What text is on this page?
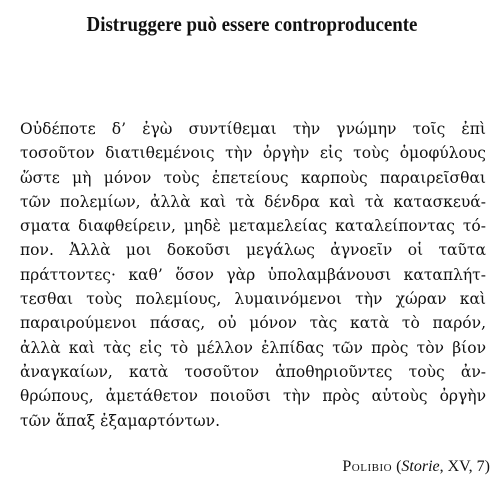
Distruggere può essere controproducente
Οὐδέποτε δ’ ἐγὼ συντίθεμαι τὴν γνώμην τοῖς ἐπὶ
τοσοῦτον διατιθεμένοις τὴν ὀργὴν εἰς τοὺς ὁμοφύλους
ὥστε μὴ μόνον τοὺς ἐπετείους καρποὺς παραιρεῖσθαι
τῶν πολεμίων, ἀλλὰ καὶ τὰ δένδρα καὶ τὰ κατασκευά-
σματα διαφθείρειν, μηδὲ μεταμελείας καταλείποντας τό-
πον. Ἀλλὰ μοι δοκοῦσι μεγάλως ἀγνοεῖν οἱ ταῦτα
πράττοντες· καθ’ ὅσον γὰρ ὑπολαμβάνουσι καταπλήτ-
τεσθαι τοὺς πολεμίους, λυμαινόμενοι τὴν χώραν καὶ
παραιρούμενοι πάσας, οὐ μόνον τὰς κατὰ τὸ παρόν,
ἀλλὰ καὶ τὰς εἰς τὸ μέλλον ἐλπίδας τῶν πρὸς τὸν βίον
ἀναγκαίων, κατὰ τοσοῦτον ἀποθηριοῦντες τοὺς ἀν-
θρώπους, ἀμετάθετον ποιοῦσι τὴν πρὸς αὑτοὺς ὀργὴν
τῶν ἅπαξ ἐξαμαρτόντων.
Polibio (Storie, XV, 7)
